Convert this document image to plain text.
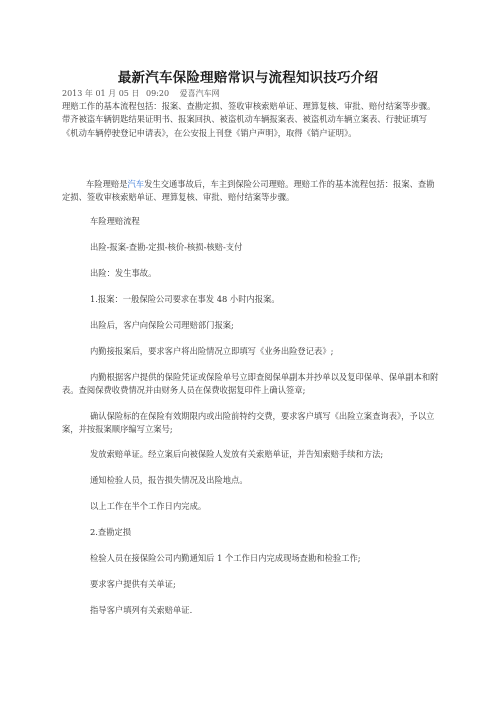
最新汽车保险理赔常识与流程知识技巧介绍
2013 年 01 月 05 日 09:20 爱喜汽车网
理赔工作的基本流程包括：报案、查勘定损、签收审核索赔单证、理算复核、审批、赔付结案等步骤。带齐被盗车辆钥匙结果证明书、报案回执、被盗机动车辆报案表、被盗机动车辆立案表、行驶证填写《机动车辆停驶登记申请表》，在公安报上刊登《销户声明》，取得《销户证明》。
车险理赔是汽车发生交通事故后，车主到保险公司理赔。理赔工作的基本流程包括：报案、查勘定损、签收审核索赔单证、理算复核、审批、赔付结案等步骤。
车险理赔流程
出险-报案-查勘-定损-核价-核损-核赔-支付
出险：发生事故。
1.报案：一般保险公司要求在事发 48 小时内报案。
出险后，客户向保险公司理赔部门报案;
内勤接报案后，要求客户将出险情况立即填写《业务出险登记表》;
内勤根据客户提供的保险凭证或保险单号立即查阅保单副本并抄单以及复印保单、保单副本和附表。查阅保费收费情况并由财务人员在保费收据复印件上确认签章;
确认保险标的在保险有效期限内或出险前特约交费，要求客户填写《出险立案查询表》，予以立案，并按报案顺序编写立案号;
发放索赔单证。经立案后向被保险人发放有关索赔单证，并告知索赔手续和方法;
通知检验人员，报告损失情况及出险地点。
以上工作在半个工作日内完成。
2.查勘定损
检验人员在接保险公司内勤通知后 1 个工作日内完成现场查勘和检验工作;
要求客户提供有关单证;
指导客户填列有关索赔单证.
